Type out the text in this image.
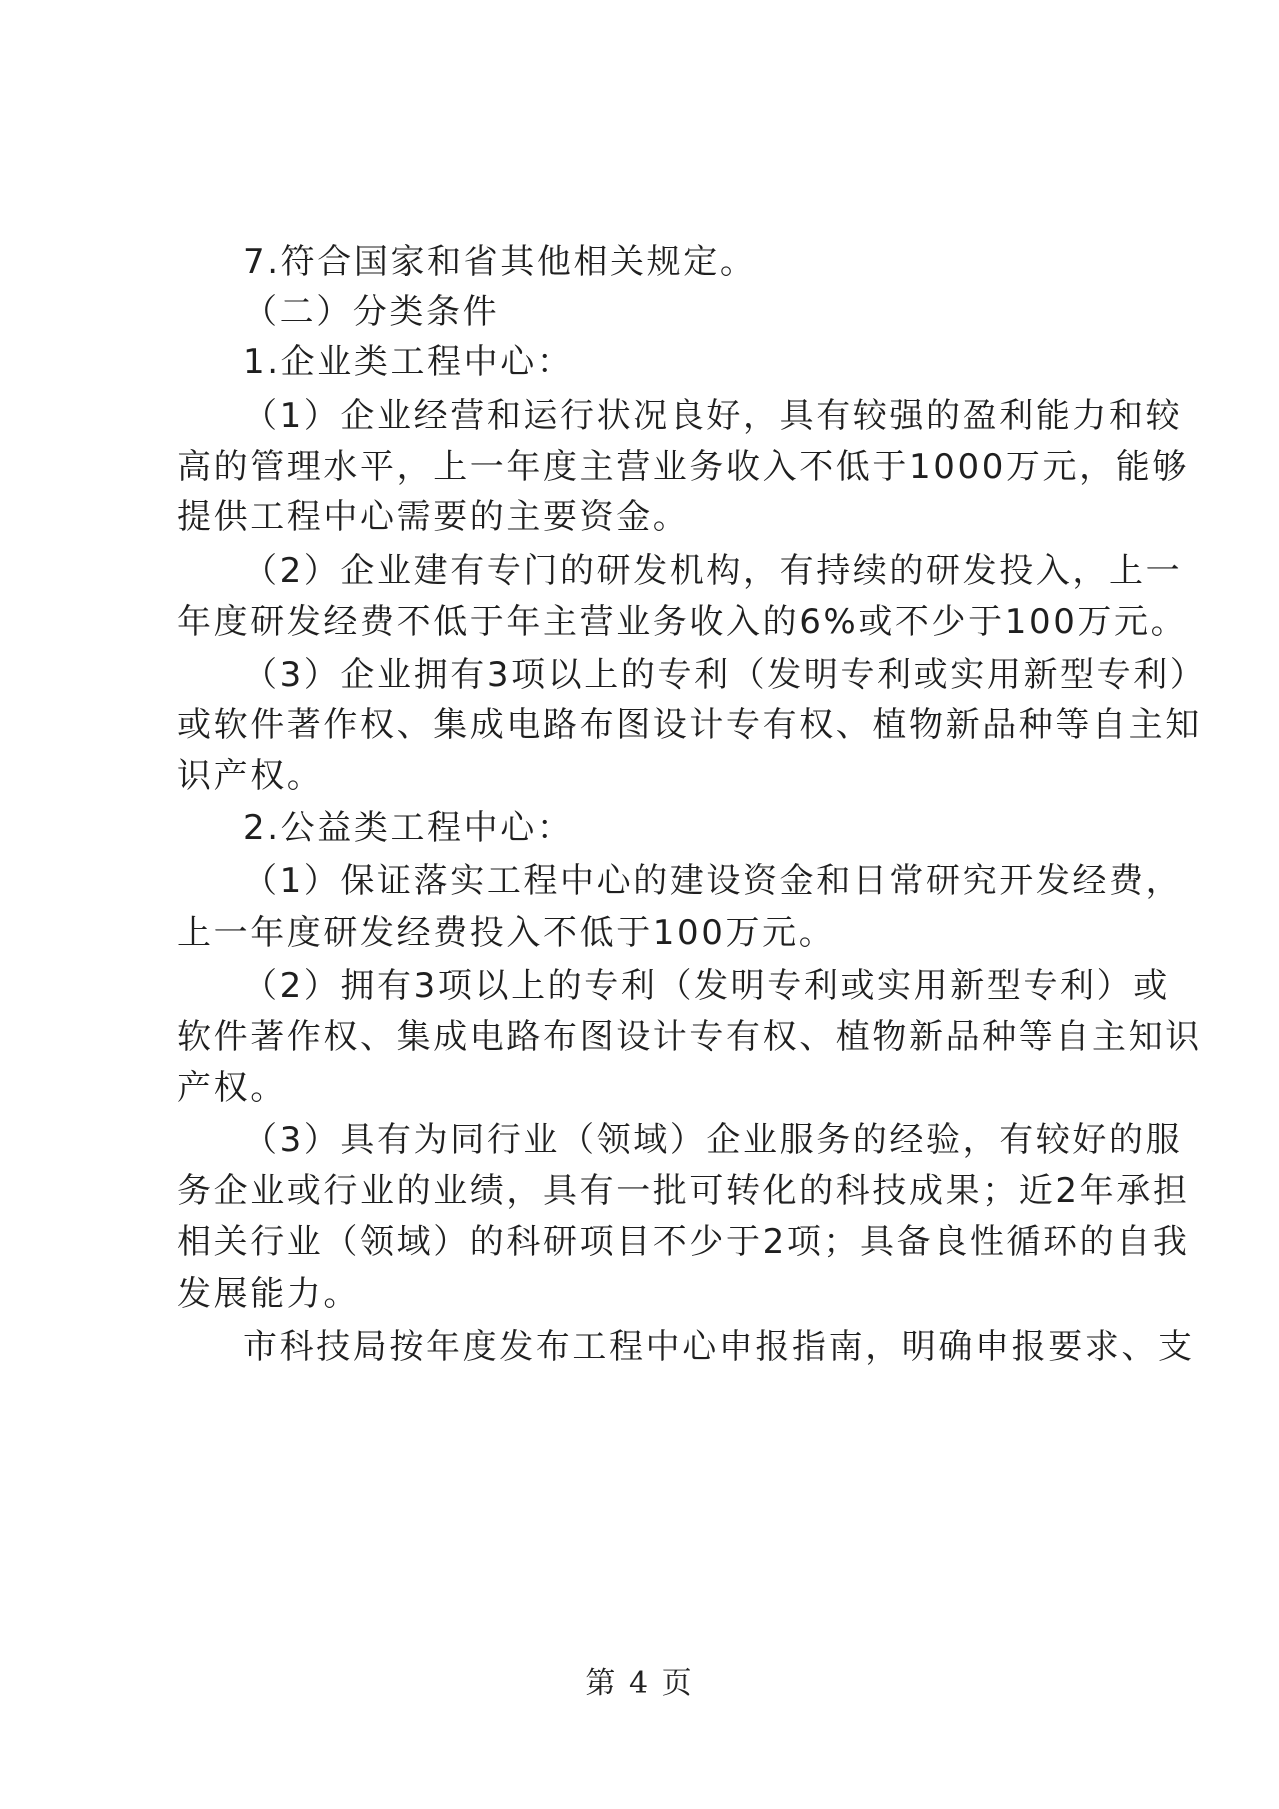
7.符合国家和省其他相关规定。
（二）分类条件
1.企业类工程中心：
（1）企业经营和运行状况良好，具有较强的盈利能力和较
高的管理水平，上一年度主营业务收入不低于1000万元，能够
提供工程中心需要的主要资金。
（2）企业建有专门的研发机构，有持续的研发投入，上一
年度研发经费不低于年主营业务收入的6%或不少于100万元。
（3）企业拥有3项以上的专利（发明专利或实用新型专利）
或软件著作权、集成电路布图设计专有权、植物新品种等自主知
识产权。
2.公益类工程中心：
（1）保证落实工程中心的建设资金和日常研究开发经费，
上一年度研发经费投入不低于100万元。
（2）拥有3项以上的专利（发明专利或实用新型专利）或
软件著作权、集成电路布图设计专有权、植物新品种等自主知识
产权。
（3）具有为同行业（领域）企业服务的经验，有较好的服
务企业或行业的业绩，具有一批可转化的科技成果；近2年承担
相关行业（领域）的科研项目不少于2项；具备良性循环的自我
发展能力。
市科技局按年度发布工程中心申报指南，明确申报要求、支
第 4 页
